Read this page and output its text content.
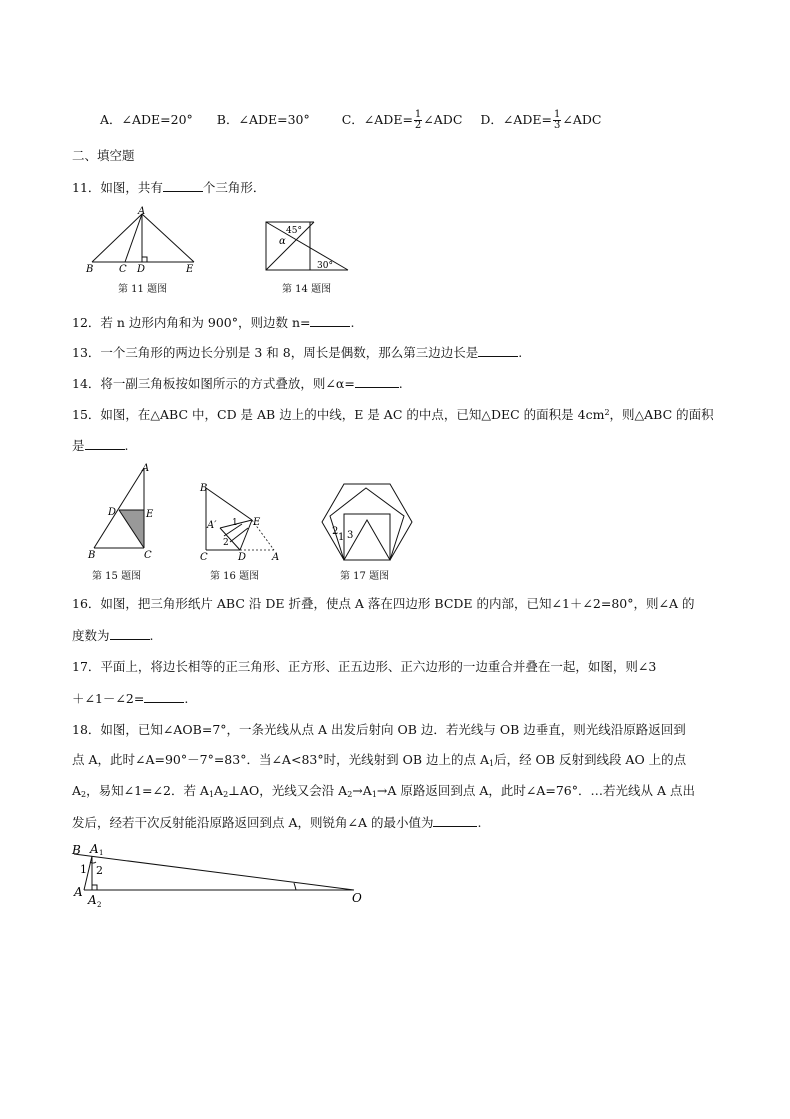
A．∠ADE=20° B．∠ADE=30°	C．∠ADE= $\frac{1}{2}$ ∠ADC D．∠ADE= $\frac{1}{3}$ ∠ADC
二、填空题
11．如图，共有	个三角形．
A
B	C D	E
第 11 题图
45°
α
30°
第 14 题图
12．若 n 边形内角和为 900°，则边数 n=	.
13．一个三角形的两边长分别是 3 和 8，周长是偶数，那么第三边边长是	.
14．将一副三角板按如图所示的方式叠放，则∠α=	.
15．如图，在△ABC 中，CD 是 AB 边上的中线，E 是 AC 的中点，已知△DEC 的面积是 $4cm^2$，则△ABC 的面积
是	.
A
D	E
B	C
第 15 题图
B
A′ 1 E
2
C	D	A
第 16 题图
1
2 3
第 17 题图
16．如图，把三角形纸片 ABC 沿 DE 折叠，使点 A 落在四边形 BCDE 的内部，已知∠1＋∠2=80°，则∠A 的
度数为	.
17．平面上，将边长相等的正三角形、正方形、正五边形、正六边形的一边重合并叠在一起，如图，则∠3
＋∠1－∠2=	.
18．如图，已知∠AOB=7°，一条光线从点 A 出发后射向 OB 边．若光线与 OB 边垂直，则光线沿原路返回到
点 A，此时∠A=90°－7°=83°．当∠A<83°时，光线射到 OB 边上的点 $A_1$后，经 OB 反射到线段 AO 上的点
$A_2$，易知∠1=∠2．若 $A_1A_2\perp AO$，光线又会沿 $A_2\to A_1\to A$ 原路返回到点 A，此时∠A=76°．…若光线从 A 点出
发后，经若干次反射能沿原路返回到点 A，则锐角∠A 的最小值为	.
B A 1
1 2
A
A 2	O
